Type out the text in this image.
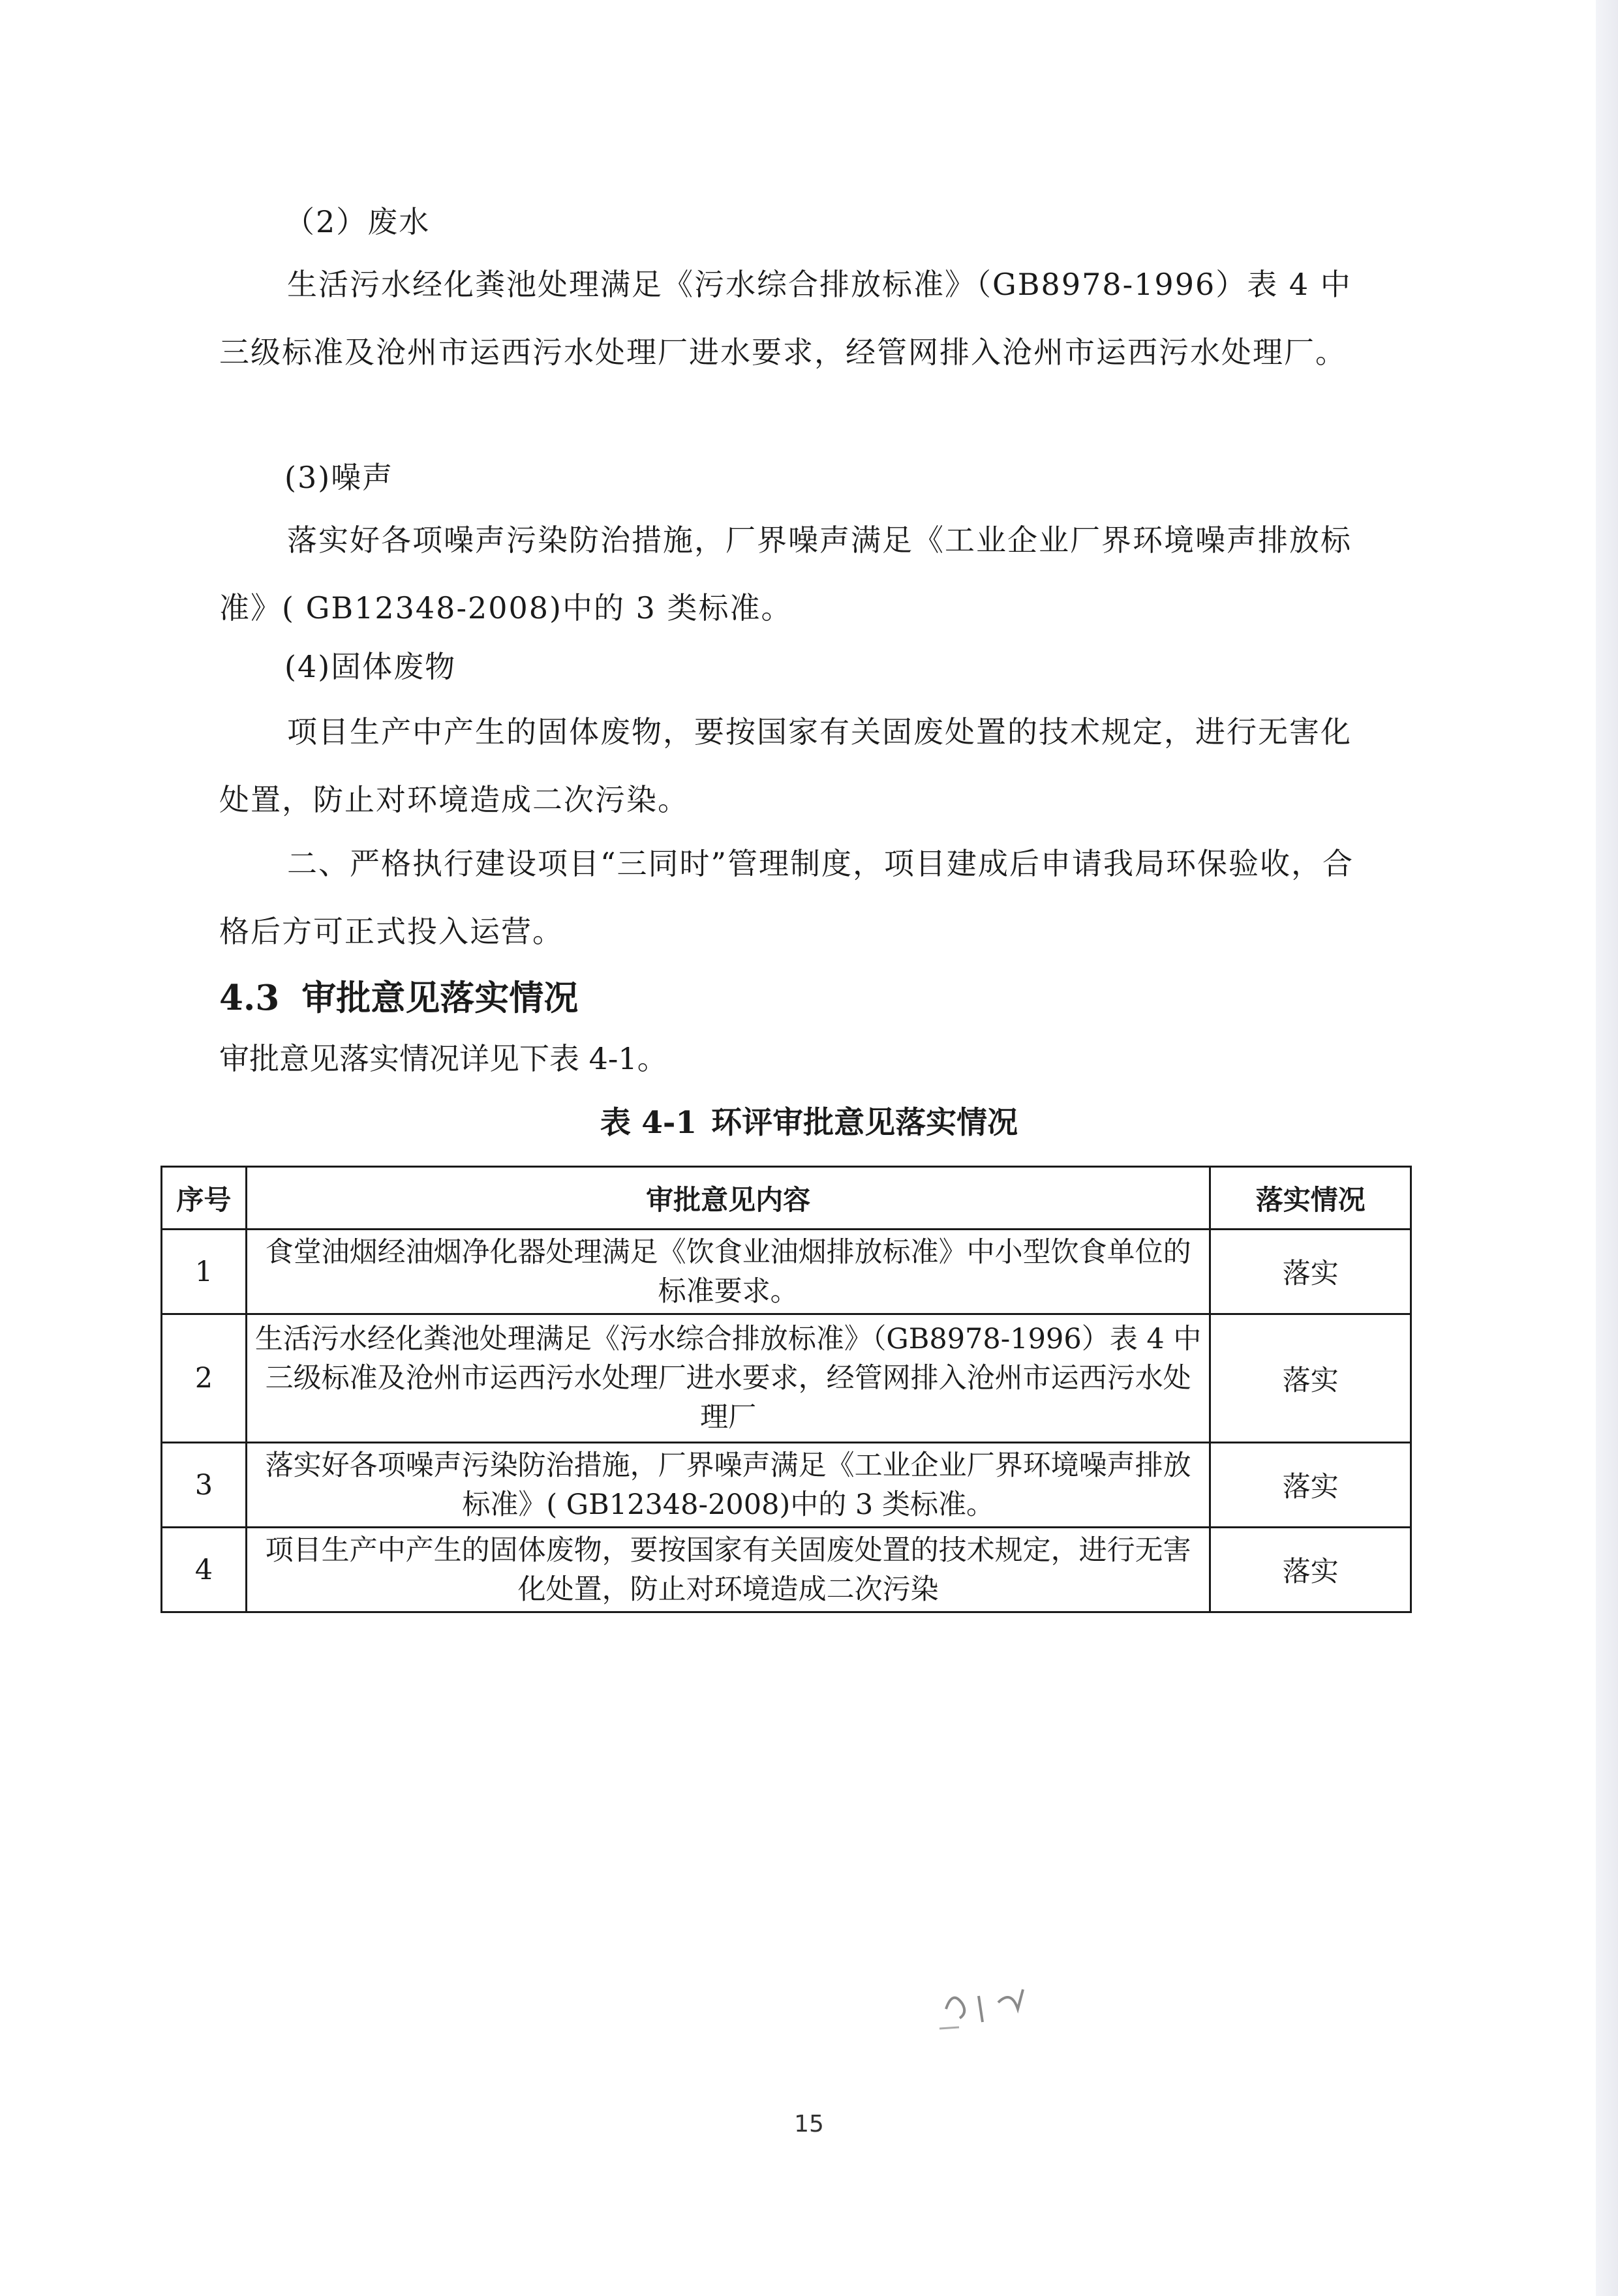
（2）废水

生活污水经化粪池处理满足《污水综合排放标准》（GB8978-1996）表 4 中三级标准及沧州市运西污水处理厂进水要求，经管网排入沧州市运西污水处理厂。

(3)噪声

落实好各项噪声污染防治措施，厂界噪声满足《工业企业厂界环境噪声排放标准》( GB12348-2008)中的 3 类标准。

(4)固体废物

项目生产中产生的固体废物，要按国家有关固废处置的技术规定，进行无害化处置，防止对环境造成二次污染。

二、严格执行建设项目“三同时”管理制度，项目建成后申请我局环保验收，合格后方可正式投入运营。

4.3 审批意见落实情况

审批意见落实情况详见下表 4-1。

表 4-1 环评审批意见落实情况

序号	审批意见内容	落实情况
1	食堂油烟经油烟净化器处理满足《饮食业油烟排放标准》中小型饮食单位的标准要求。	落实
2	生活污水经化粪池处理满足《污水综合排放标准》（GB8978-1996）表 4 中三级标准及沧州市运西污水处理厂进水要求，经管网排入沧州市运西污水处理厂	落实
3	落实好各项噪声污染防治措施，厂界噪声满足《工业企业厂界环境噪声排放标准》( GB12348-2008)中的 3 类标准。	落实
4	项目生产中产生的固体废物，要按国家有关固废处置的技术规定，进行无害化处置，防止对环境造成二次污染	落实

15
